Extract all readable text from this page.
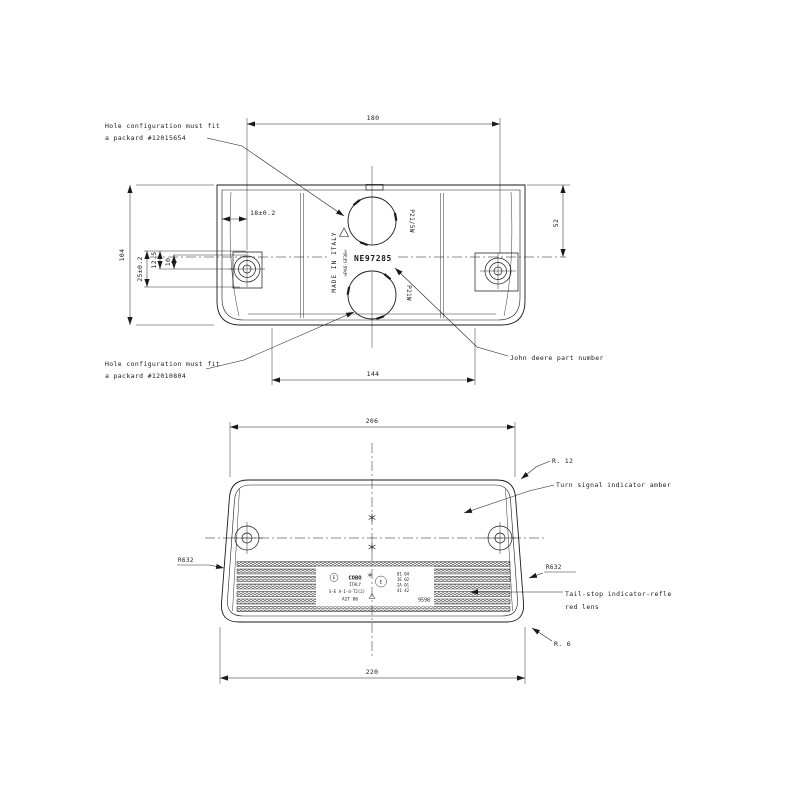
180
52
104
25±0.2 12.5 10
18±0.2
144
NE97285
MADE IN ITALY >PA6-GF30<
P21/5W
P21W
Hole configuration must fit
a packard #12015654
Hole configuration must fit
a packard #12010804
John deere part number
E COBO
E
ITALY
S-E A-I-d-T2(2)
AIT 06
01 04
1E 02
2A 01
41 42
9598
206
220
R. 12
Turn signal indicator amber
Tail-stop indicator-refle
red lens
R632
R632
R. 6
